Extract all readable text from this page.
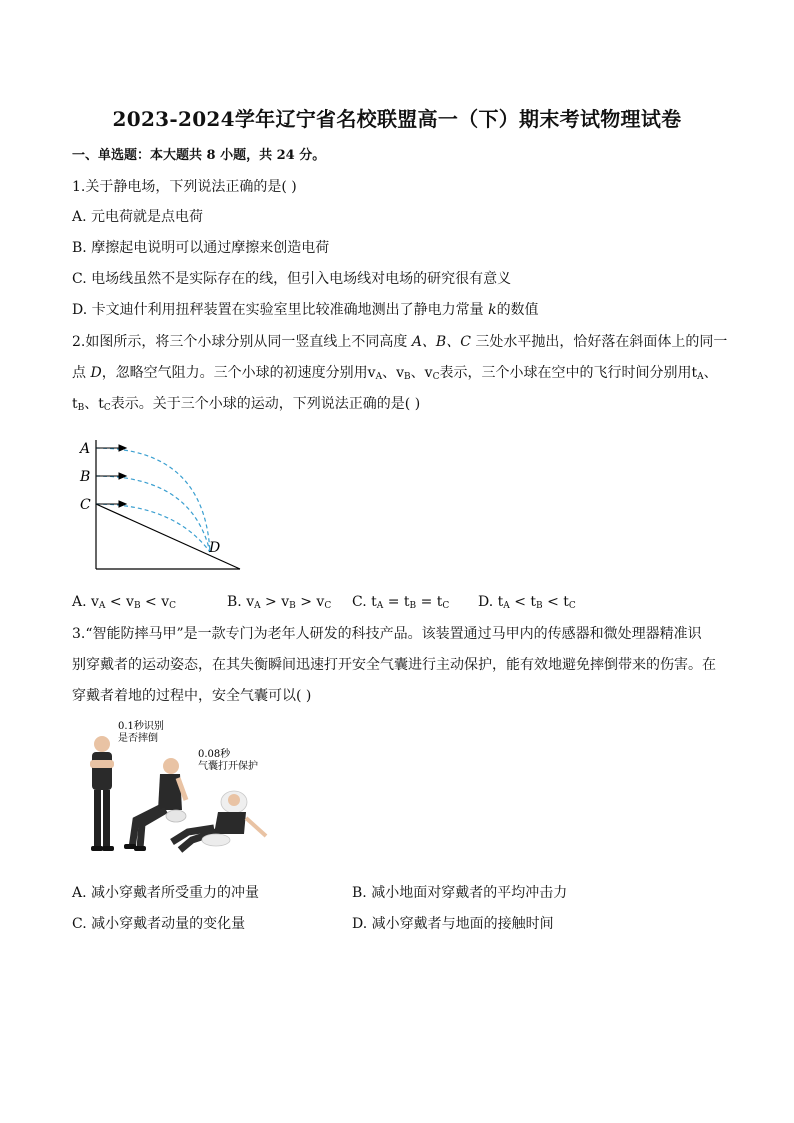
2023-2024学年辽宁省名校联盟高一（下）期末考试物理试卷
一、单选题：本大题共 8 小题，共 24 分。
1.关于静电场，下列说法正确的是( )
A. 元电荷就是点电荷
B. 摩擦起电说明可以通过摩擦来创造电荷
C. 电场线虽然不是实际存在的线，但引入电场线对电场的研究很有意义
D. 卡文迪什利用扭秤装置在实验室里比较准确地测出了静电力常量 k的数值
2.如图所示，将三个小球分别从同一竖直线上不同高度 A、B、C 三处水平抛出，恰好落在斜面体上的同一
点 D，忽略空气阻力。三个小球的初速度分别用$v_A$、$v_B$、$v_C$表示，三个小球在空中的飞行时间分别用$t_A$、
$t_B$、$t_C$表示。关于三个小球的运动，下列说法正确的是( )
A
B
C
D
A. $v_A < v_B < v_C$	B. $v_A > v_B > v_C$ C. $t_A = t_B = t_C$ D. $t_A < t_B < t_C$
3.“智能防摔马甲”是一款专门为老年人研发的科技产品。该装置通过马甲内的传感器和微处理器精准识
别穿戴者的运动姿态，在其失衡瞬间迅速打开安全气囊进行主动保护，能有效地避免摔倒带来的伤害。在
穿戴者着地的过程中，安全气囊可以( )
0.1秒识别
是否摔倒
0.08秒
气囊打开保护
A. 减小穿戴者所受重力的冲量	B. 减小地面对穿戴者的平均冲击力
C. 减小穿戴者动量的变化量	D. 减小穿戴者与地面的接触时间
